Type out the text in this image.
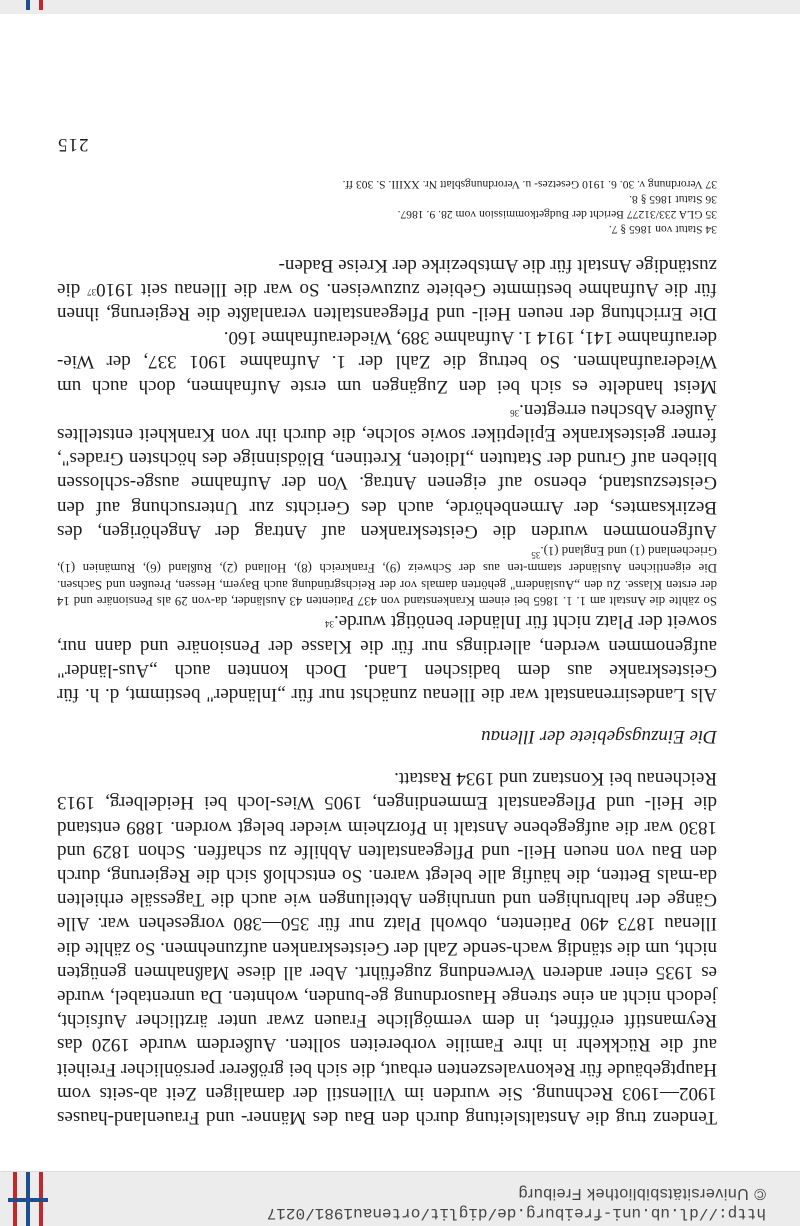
http://dl.ub.uni-freiburg.de/diglit/ortenau1981/0217
© Universitätsbibliothek Freiburg

Tendenz trug die Anstaltsleitung durch den Bau des Männer- und Frauenland-hauses 1902—1903 Rechnung. Sie wurden im Villenstil der damaligen Zeit ab-seits vom Hauptgebäude für Rekonvaleszenten erbaut, die sich bei größerer persönlicher Freiheit auf die Rückkehr in ihre Familie vorbereiten sollten. Außerdem wurde 1920 das Reymanstift eröffnet, in dem vermögliche Frauen zwar unter ärztlicher Aufsicht, jedoch nicht an eine strenge Hausordnung ge-bunden, wohnten. Da unrentabel, wurde es 1935 einer anderen Verwendung zugeführt. Aber all diese Maßnahmen genügten nicht, um die ständig wach-sende Zahl der Geisteskranken aufzunehmen. So zählte die Illenau 1873 490 Patienten, obwohl Platz nur für 350—380 vorgesehen war. Alle Gänge der halbruhigen und unruhigen Abteilungen wie auch die Tagessäle erhielten da-mals Betten, die häufig alle belegt waren. So entschloß sich die Regierung, durch den Bau von neuen Heil- und Pflegeanstalten Abhilfe zu schaffen. Schon 1829 und 1830 war die aufgegebene Anstalt in Pforzheim wieder belegt worden. 1889 entstand die Heil- und Pflegeanstalt Emmendingen, 1905 Wies-loch bei Heidelberg, 1913 Reichenau bei Konstanz und 1934 Rastatt.

Die Einzugsgebiete der Illenau

Als Landesirrenanstalt war die Illenau zunächst nur für „Inländer" bestimmt, d. h. für Geisteskranke aus dem badischen Land. Doch konnten auch „Aus-länder" aufgenommen werden, allerdings nur für die Klasse der Pensionäre und dann nur, soweit der Platz nicht für Inländer benötigt wurde.$^{34}$

So zählte die Anstalt am 1. 1. 1865 bei einem Krankenstand von 437 Patienten 43 Ausländer, da-von 29 als Pensionäre und 14 der ersten Klasse. Zu den „Ausländern" gehörten damals vor der Reichsgründung auch Bayern, Hessen, Preußen und Sachsen. Die eigentlichen Ausländer stamm-ten aus der Schweiz (9), Frankreich (8), Holland (2), Rußland (6), Rumänien (1), Griechenland (1) und England (1).$^{35}$

Aufgenommen wurden die Geisteskranken auf Antrag der Angehörigen, des Bezirksamtes, der Armenbehörde, auch des Gerichts zur Untersuchung auf den Geisteszustand, ebenso auf eigenen Antrag. Von der Aufnahme ausge-schlossen blieben auf Grund der Statuten „Idioten, Kretinen, Blödsinnige des höchsten Grades", ferner geisteskranke Epileptiker sowie solche, die durch ihr von Krankheit entstelltes Äußere Abscheu erregten.$^{36}$

Meist handelte es sich bei den Zugängen um erste Aufnahmen, doch auch um Wiederaufnahmen. So betrug die Zahl der 1. Aufnahme 1901 337, der Wie-deraufnahme 141, 1914 1. Aufnahme 389, Wiederaufnahme 160.

Die Errichtung der neuen Heil- und Pflegeanstalten veranlaßte die Regierung, ihnen für die Aufnahme bestimmte Gebiete zuzuweisen. So war die Illenau seit 1910$^{37}$ die zuständige Anstalt für die Amtsbezirke der Kreise Baden-

34 Statut von 1865 § 7.
35 GLA 233/31277 Bericht der Budgetkommission vom 28. 9. 1867.
36 Statut 1865 § 8.
37 Verordnung v. 30. 6. 1910 Gesetzes- u. Verordnungsblatt Nr. XXIII. S. 303 ff.
215
